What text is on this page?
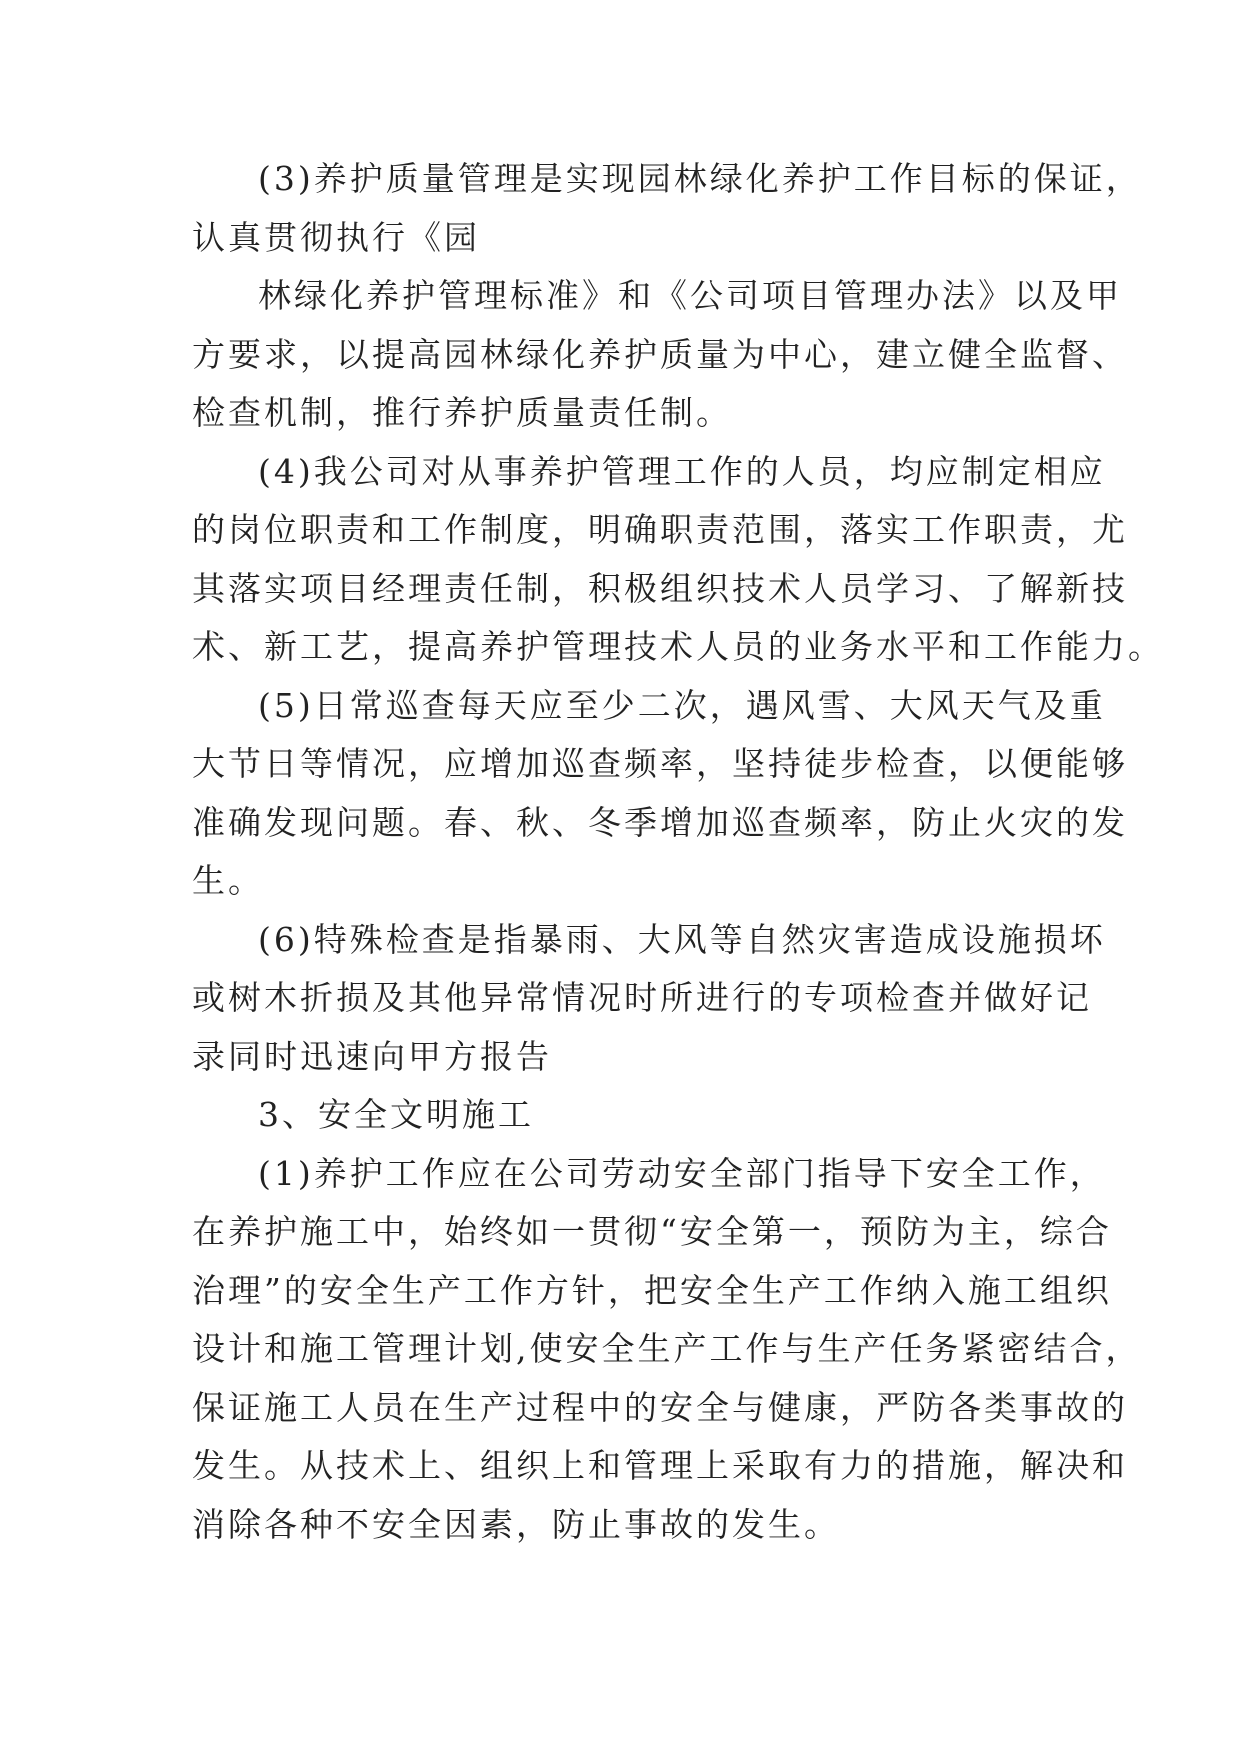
(3)养护质量管理是实现园林绿化养护工作目标的保证，
认真贯彻执行《园
林绿化养护管理标准》和《公司项目管理办法》以及甲
方要求，以提高园林绿化养护质量为中心，建立健全监督、
检查机制，推行养护质量责任制。
(4)我公司对从事养护管理工作的人员，均应制定相应
的岗位职责和工作制度，明确职责范围，落实工作职责，尤
其落实项目经理责任制，积极组织技术人员学习、了解新技
术、新工艺，提高养护管理技术人员的业务水平和工作能力。
(5)日常巡查每天应至少二次，遇风雪、大风天气及重
大节日等情况，应增加巡查频率，坚持徒步检查，以便能够
准确发现问题。春、秋、冬季增加巡查频率，防止火灾的发
生。
(6)特殊检查是指暴雨、大风等自然灾害造成设施损坏
或树木折损及其他异常情况时所进行的专项检查并做好记
录同时迅速向甲方报告
3、安全文明施工
(1)养护工作应在公司劳动安全部门指导下安全工作，
在养护施工中，始终如一贯彻“安全第一，预防为主，综合
治理”的安全生产工作方针，把安全生产工作纳入施工组织
设计和施工管理计划,使安全生产工作与生产任务紧密结合，
保证施工人员在生产过程中的安全与健康，严防各类事故的
发生。从技术上、组织上和管理上采取有力的措施，解决和
消除各种不安全因素，防止事故的发生。
